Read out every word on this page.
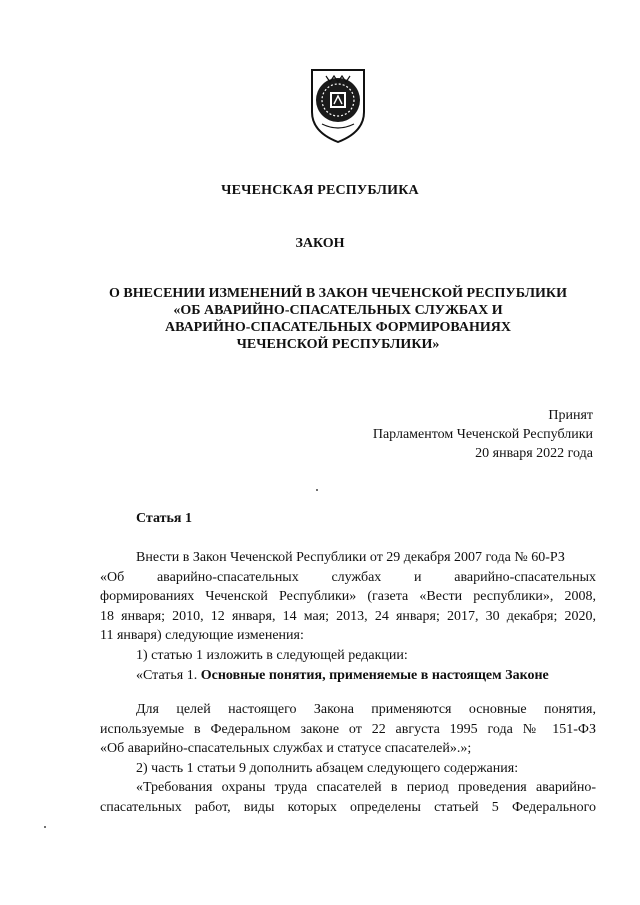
ЧЕЧЕНСКАЯ РЕСПУБЛИКА
ЗАКОН
О ВНЕСЕНИИ ИЗМЕНЕНИЙ В ЗАКОН ЧЕЧЕНСКОЙ РЕСПУБЛИКИ
«ОБ АВАРИЙНО-СПАСАТЕЛЬНЫХ СЛУЖБАХ И
АВАРИЙНО-СПАСАТЕЛЬНЫХ ФОРМИРОВАНИЯХ
ЧЕЧЕНСКОЙ РЕСПУБЛИКИ»
Принят
Парламентом Чеченской Республики
20 января 2022 года
Статья 1
Внести в Закон Чеченской Республики от 29 декабря 2007 года № 60-РЗ
«Об аварийно-спасательных службах и аварийно-спасательных
формированиях Чеченской Республики» (газета «Вести республики», 2008,
18 января; 2010, 12 января, 14 мая; 2013, 24 января; 2017, 30 декабря; 2020,
11 января) следующие изменения:
1) статью 1 изложить в следующей редакции:
«Статья 1. Основные понятия, применяемые в настоящем Законе
Для целей настоящего Закона применяются основные понятия,
используемые в Федеральном законе от 22 августа 1995 года № 151-ФЗ
«Об аварийно-спасательных службах и статусе спасателей».»;
2) часть 1 статьи 9 дополнить абзацем следующего содержания:
«Требования охраны труда спасателей в период проведения аварийно-
спасательных работ, виды которых определены статьей 5 Федерального
